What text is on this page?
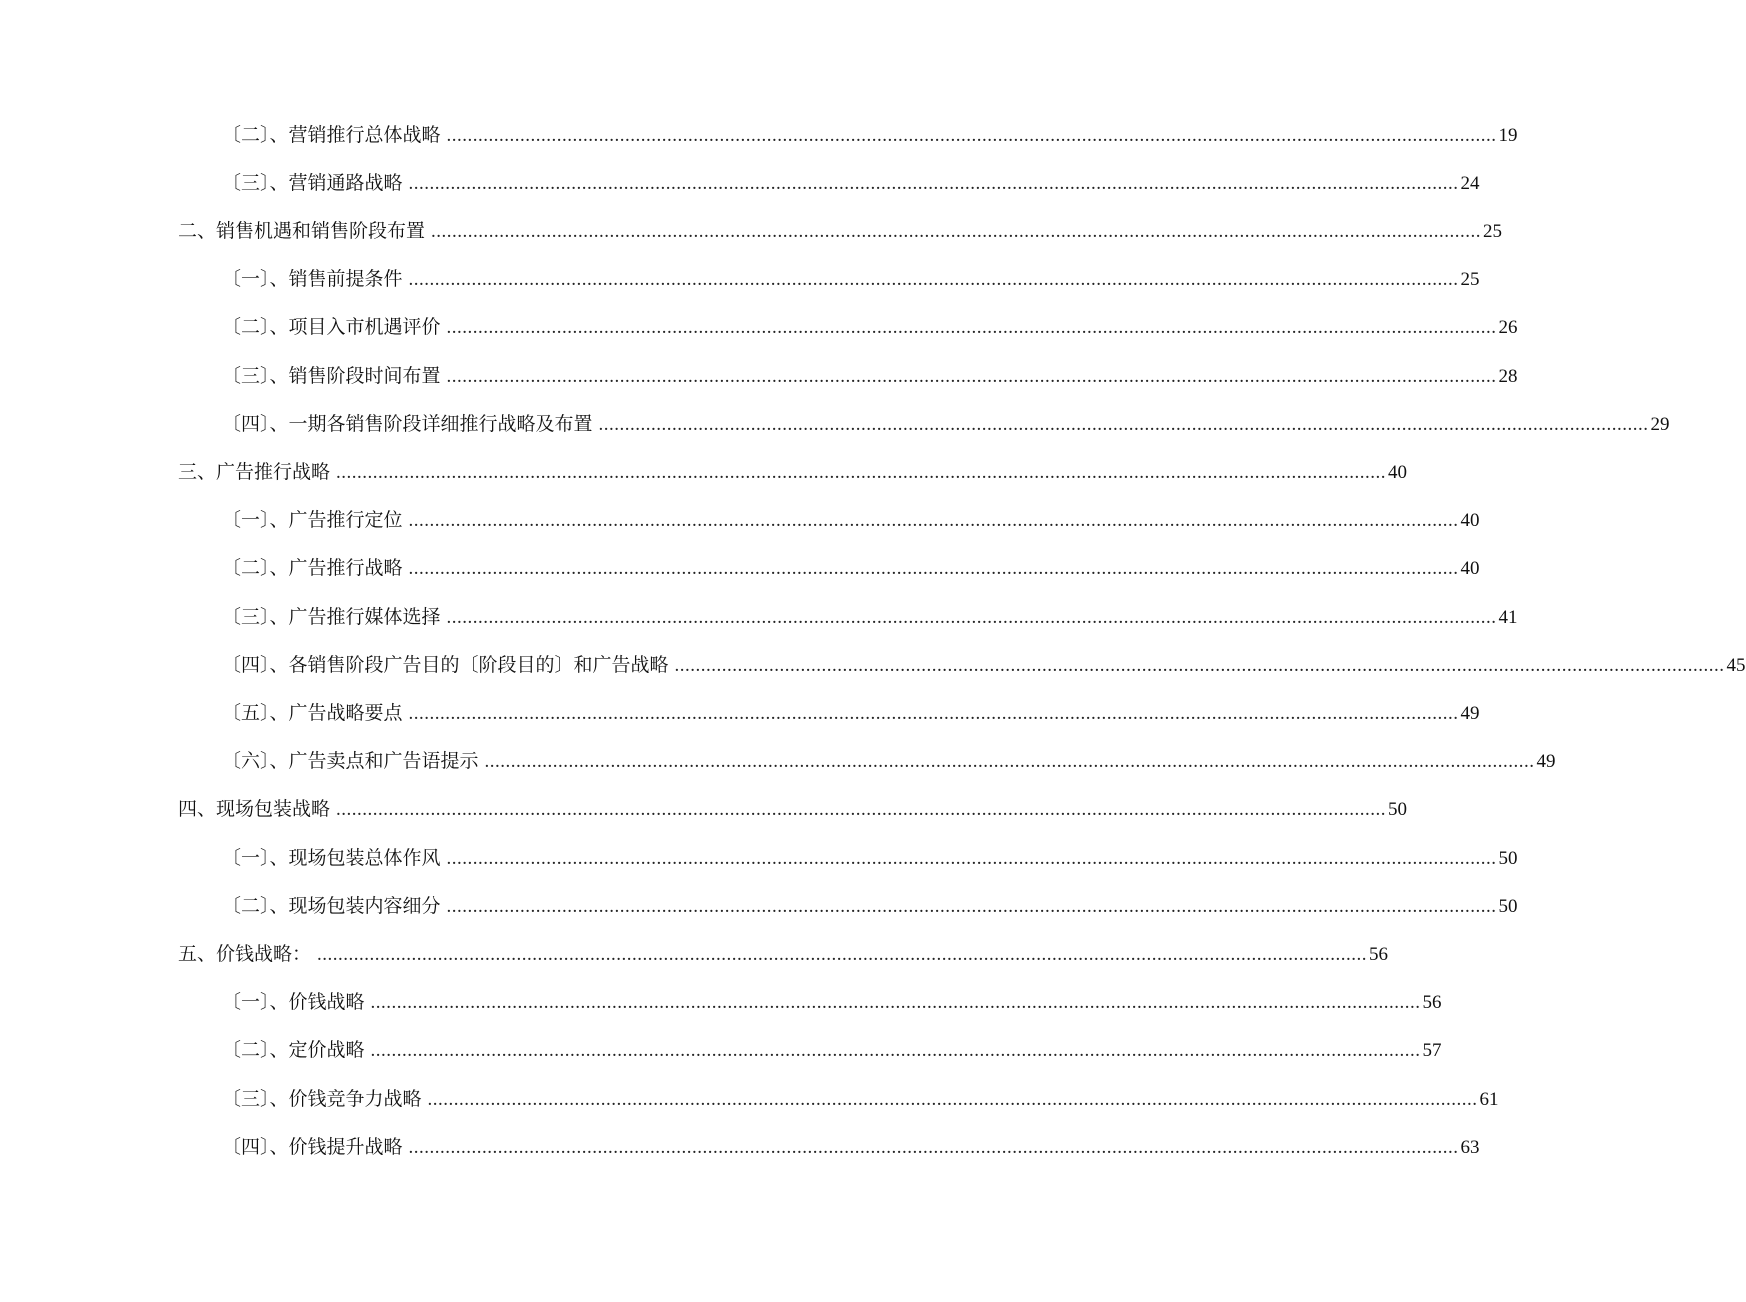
〔二〕、营销推行总体战略 ........................................................................................................................................................................................................ 19
〔三〕、营销通路战略 ........................................................................................................................................................................................................ 24
二、销售机遇和销售阶段布置 ........................................................................................................................................................................................................ 25
〔一〕、销售前提条件 ........................................................................................................................................................................................................ 25
〔二〕、项目入市机遇评价 ........................................................................................................................................................................................................ 26
〔三〕、销售阶段时间布置 ........................................................................................................................................................................................................ 28
〔四〕、一期各销售阶段详细推行战略及布置 ........................................................................................................................................................................................................ 29
三、广告推行战略 ........................................................................................................................................................................................................ 40
〔一〕、广告推行定位 ........................................................................................................................................................................................................ 40
〔二〕、广告推行战略 ........................................................................................................................................................................................................ 40
〔三〕、广告推行媒体选择 ........................................................................................................................................................................................................ 41
〔四〕、各销售阶段广告目的〔阶段目的〕和广告战略 ........................................................................................................................................................................................................ 45
〔五〕、广告战略要点 ........................................................................................................................................................................................................ 49
〔六〕、广告卖点和广告语提示 ........................................................................................................................................................................................................ 49
四、现场包装战略 ........................................................................................................................................................................................................ 50
〔一〕、现场包装总体作风 ........................................................................................................................................................................................................ 50
〔二〕、现场包装内容细分 ........................................................................................................................................................................................................ 50
五、价钱战略： ........................................................................................................................................................................................................ 56
〔一〕、价钱战略 ........................................................................................................................................................................................................ 56
〔二〕、定价战略 ........................................................................................................................................................................................................ 57
〔三〕、价钱竞争力战略 ........................................................................................................................................................................................................ 61
〔四〕、价钱提升战略 ........................................................................................................................................................................................................ 63
